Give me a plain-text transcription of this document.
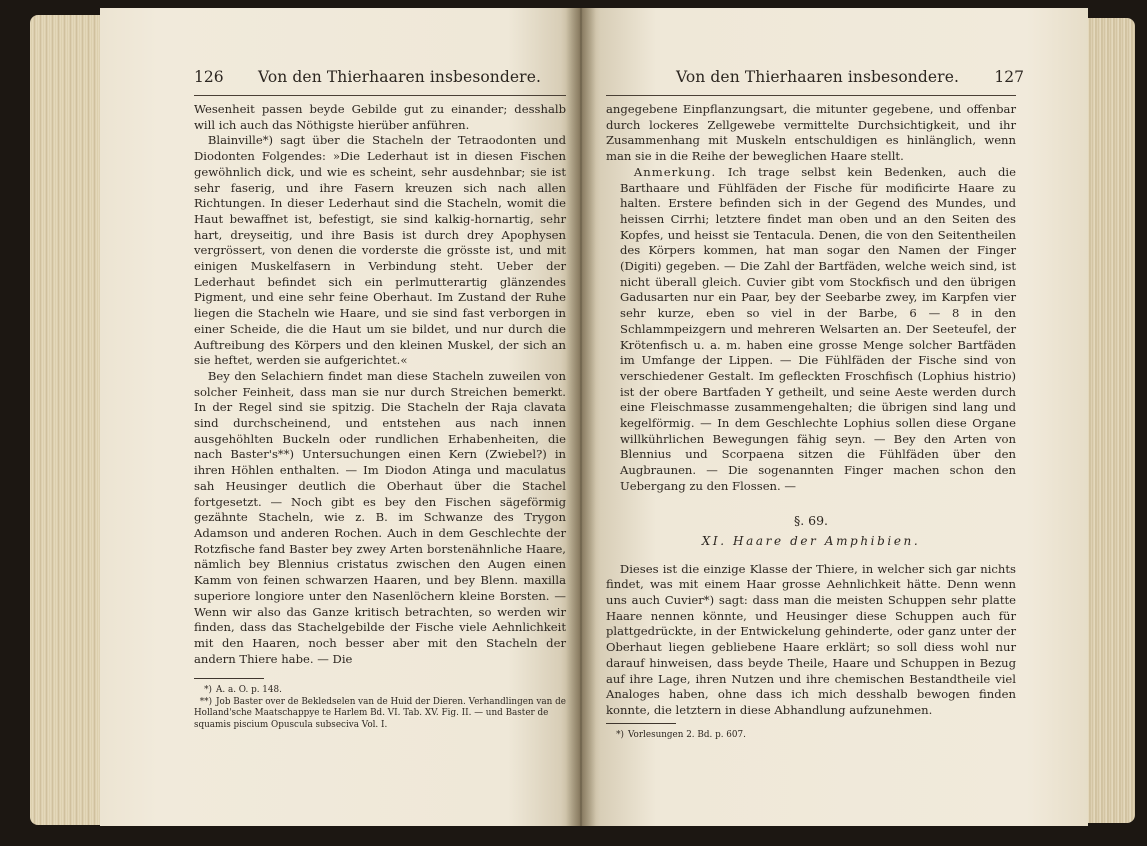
126 Von den Thierhaaren insbesondere.

Wesenheit passen beyde Gebilde gut zu einander; desshalb will ich auch das Nöthigste hierüber anführen.

Blainville*) sagt über die Stacheln der Tetraodonten und Diodonten Folgendes: »Die Lederhaut ist in diesen Fischen gewöhnlich dick, und wie es scheint, sehr ausdehnbar; sie ist sehr faserig, und ihre Fasern kreuzen sich nach allen Richtungen. In dieser Lederhaut sind die Stacheln, womit die Haut bewaffnet ist, befestigt, sie sind kalkig-hornartig, sehr hart, dreyseitig, und ihre Basis ist durch drey Apophysen vergrössert, von denen die vorderste die grösste ist, und mit einigen Muskelfasern in Verbindung steht. Ueber der Lederhaut befindet sich ein perlmutterartig glänzendes Pigment, und eine sehr feine Oberhaut. Im Zustand der Ruhe liegen die Stacheln wie Haare, und sie sind fast verborgen in einer Scheide, die die Haut um sie bildet, und nur durch die Auftreibung des Körpers und den kleinen Muskel, der sich an sie heftet, werden sie aufgerichtet.«

Bey den Selachiern findet man diese Stacheln zuweilen von solcher Feinheit, dass man sie nur durch Streichen bemerkt. In der Regel sind sie spitzig. Die Stacheln der Raja clavata sind durchscheinend, und entstehen aus nach innen ausgehöhlten Buckeln oder rundlichen Erhabenheiten, die nach Baster's**) Untersuchungen einen Kern (Zwiebel?) in ihren Höhlen enthalten. — Im Diodon Atinga und maculatus sah Heusinger deutlich die Oberhaut über die Stachel fortgesetzt. — Noch gibt es bey den Fischen sägeförmig gezähnte Stacheln, wie z. B. im Schwanze des Trygon Adamson und anderen Rochen. Auch in dem Geschlechte der Rotzfische fand Baster bey zwey Arten borstenähnliche Haare, nämlich bey Blennius cristatus zwischen den Augen einen Kamm von feinen schwarzen Haaren, und bey Blenn. maxilla superiore longiore unter den Nasenlöchern kleine Borsten. — Wenn wir also das Ganze kritisch betrachten, so werden wir finden, dass das Stachelgebilde der Fische viele Aehnlichkeit mit den Haaren, noch besser aber mit den Stacheln der andern Thiere habe. — Die

*) A. a. O. p. 148.

**) Job Baster over de Bekledselen van de Huid der Dieren. Verhandlingen van de Holland'sche Maatschappye te Harlem Bd. VI. Tab. XV. Fig. II. — und Baster de squamis piscium Opuscula subseciva Vol. I.

Von den Thierhaaren insbesondere. 127

angegebene Einpflanzungsart, die mitunter gegebene, und offenbar durch lockeres Zellgewebe vermittelte Durchsichtigkeit, und ihr Zusammenhang mit Muskeln entschuldigen es hinlänglich, wenn man sie in die Reihe der beweglichen Haare stellt.

Anmerkung. Ich trage selbst kein Bedenken, auch die Barthaare und Fühlfäden der Fische für modificirte Haare zu halten. Erstere befinden sich in der Gegend des Mundes, und heissen Cirrhi; letztere findet man oben und an den Seiten des Kopfes, und heisst sie Tentacula. Denen, die von den Seitentheilen des Körpers kommen, hat man sogar den Namen der Finger (Digiti) gegeben. — Die Zahl der Bartfäden, welche weich sind, ist nicht überall gleich. Cuvier gibt vom Stockfisch und den übrigen Gadusarten nur ein Paar, bey der Seebarbe zwey, im Karpfen vier sehr kurze, eben so viel in der Barbe, 6 — 8 in den Schlammpeizgern und mehreren Welsarten an. Der Seeteufel, der Krötenfisch u. a. m. haben eine grosse Menge solcher Bartfäden im Umfange der Lippen. — Die Fühlfäden der Fische sind von verschiedener Gestalt. Im gefleckten Froschfisch (Lophius histrio) ist der obere Bartfaden Y getheilt, und seine Aeste werden durch eine Fleischmasse zusammengehalten; die übrigen sind lang und kegelförmig. — In dem Geschlechte Lophius sollen diese Organe willkührlichen Bewegungen fähig seyn. — Bey den Arten von Blennius und Scorpaena sitzen die Fühlfäden über den Augbraunen. — Die sogenannten Finger machen schon den Uebergang zu den Flossen. —

§. 69.
XI. Haare der Amphibien.

Dieses ist die einzige Klasse der Thiere, in welcher sich gar nichts findet, was mit einem Haar grosse Aehnlichkeit hätte. Denn wenn uns auch Cuvier*) sagt: dass man die meisten Schuppen sehr platte Haare nennen könnte, und Heusinger diese Schuppen auch für plattgedrückte, in der Entwickelung gehinderte, oder ganz unter der Oberhaut liegen gebliebene Haare erklärt; so soll diess wohl nur darauf hinweisen, dass beyde Theile, Haare und Schuppen in Bezug auf ihre Lage, ihren Nutzen und ihre chemischen Bestandtheile viel Analoges haben, ohne dass ich mich desshalb bewogen finden konnte, die letztern in diese Abhandlung aufzunehmen.

*) Vorlesungen 2. Bd. p. 607.
